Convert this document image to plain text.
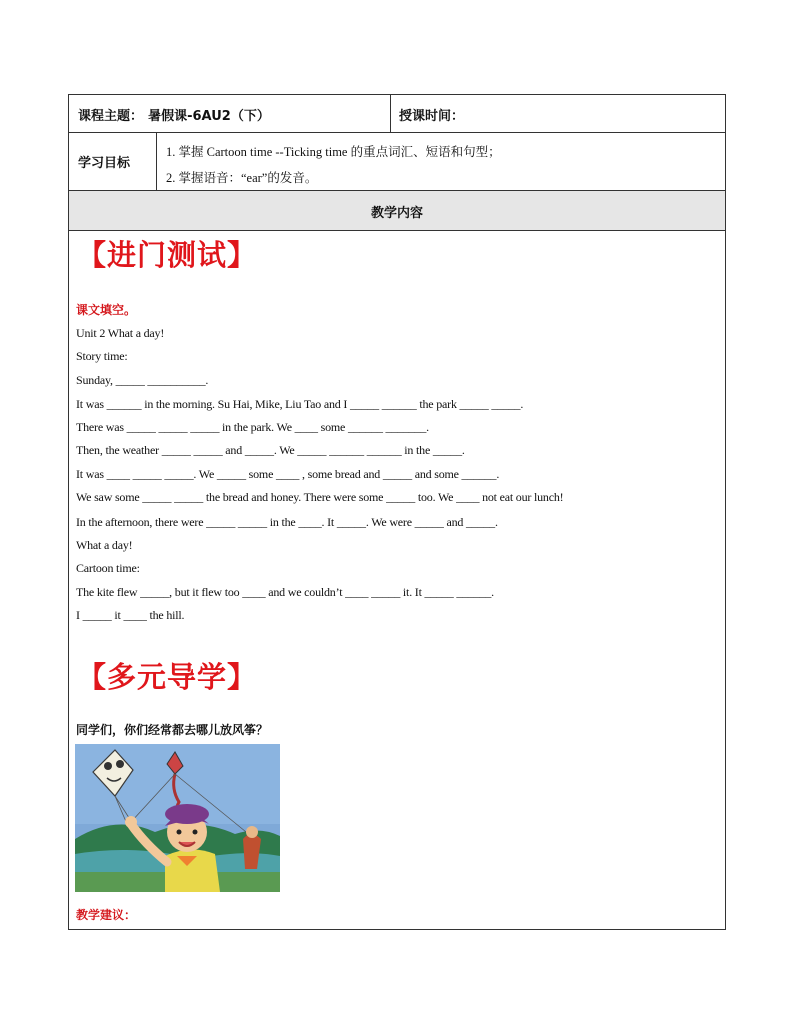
课程主题： 暑假课-6AU2（下）	授课时间：
学习目标
1. 掌握 Cartoon time --Ticking time 的重点词汇、短语和句型；
2. 掌握语音：“ear”的发音。
教学内容
【进门测试】
课文填空。
Unit 2 What a day!
Story time:
Sunday, _____ __________.
It was ______ in the morning. Su Hai, Mike, Liu Tao and I _____ ______ the park _____ _____.
There was _____ _____ _____ in the park. We ____ some ______ _______.
Then, the weather _____ _____ and _____. We _____ ______ ______ in the _____.
It was ____ _____ _____. We _____ some ____ , some bread and _____ and some ______.
We saw some _____ _____ the bread and honey. There were some _____ too. We ____ not eat our lunch!
In the afternoon, there were _____ _____ in the ____. It _____. We were _____ and _____.
What a day!
Cartoon time:
The kite flew _____, but it flew too ____ and we couldn’t ____ _____ it. It _____ ______.
I _____ it ____ the hill.
【多元导学】
同学们，你们经常都去哪儿放风筝？
教学建议：
